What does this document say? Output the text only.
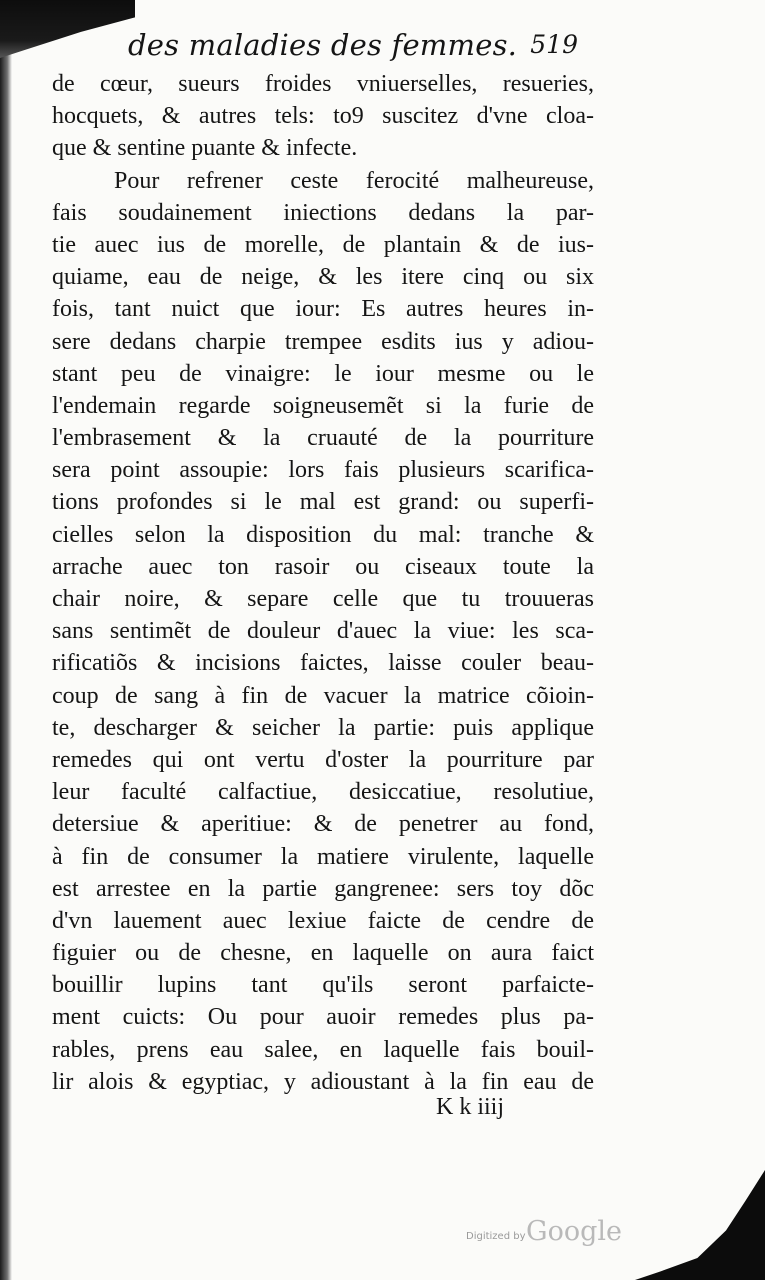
des maladies des femmes. 519
de cœur, sueurs froides vniuerselles, resueries,
hocquets, & autres tels: to9 suscitez d'vne cloa-
que & sentine puante & infecte.
Pour refrener ceste ferocité malheureuse,
fais soudainement iniections dedans la par-
tie auec ius de morelle, de plantain & de ius-
quiame, eau de neige, & les itere cinq ou six
fois, tant nuict que iour: Es autres heures in-
sere dedans charpie trempee esdits ius y adiou-
stant peu de vinaigre: le iour mesme ou le
l'endemain regarde soigneusemẽt si la furie de
l'embrasement & la cruauté de la pourriture
sera point assoupie: lors fais plusieurs scarifica-
tions profondes si le mal est grand: ou superfi-
cielles selon la disposition du mal: tranche &
arrache auec ton rasoir ou ciseaux toute la
chair noire, & separe celle que tu trouueras
sans sentimẽt de douleur d'auec la viue: les sca-
rificatiõs & incisions faictes, laisse couler beau-
coup de sang à fin de vacuer la matrice cõioin-
te, descharger & seicher la partie: puis applique
remedes qui ont vertu d'oster la pourriture par
leur faculté calfactiue, desiccatiue, resolutiue,
detersiue & aperitiue: & de penetrer au fond,
à fin de consumer la matiere virulente, laquelle
est arrestee en la partie gangrenee: sers toy dõc
d'vn lauement auec lexiue faicte de cendre de
figuier ou de chesne, en laquelle on aura faict
bouillir lupins tant qu'ils seront parfaicte-
ment cuicts: Ou pour auoir remedes plus pa-
rables, prens eau salee, en laquelle fais bouil-
lir alois & egyptiac, y adioustant à la fin eau de
K k iiij
Digitized by Google
